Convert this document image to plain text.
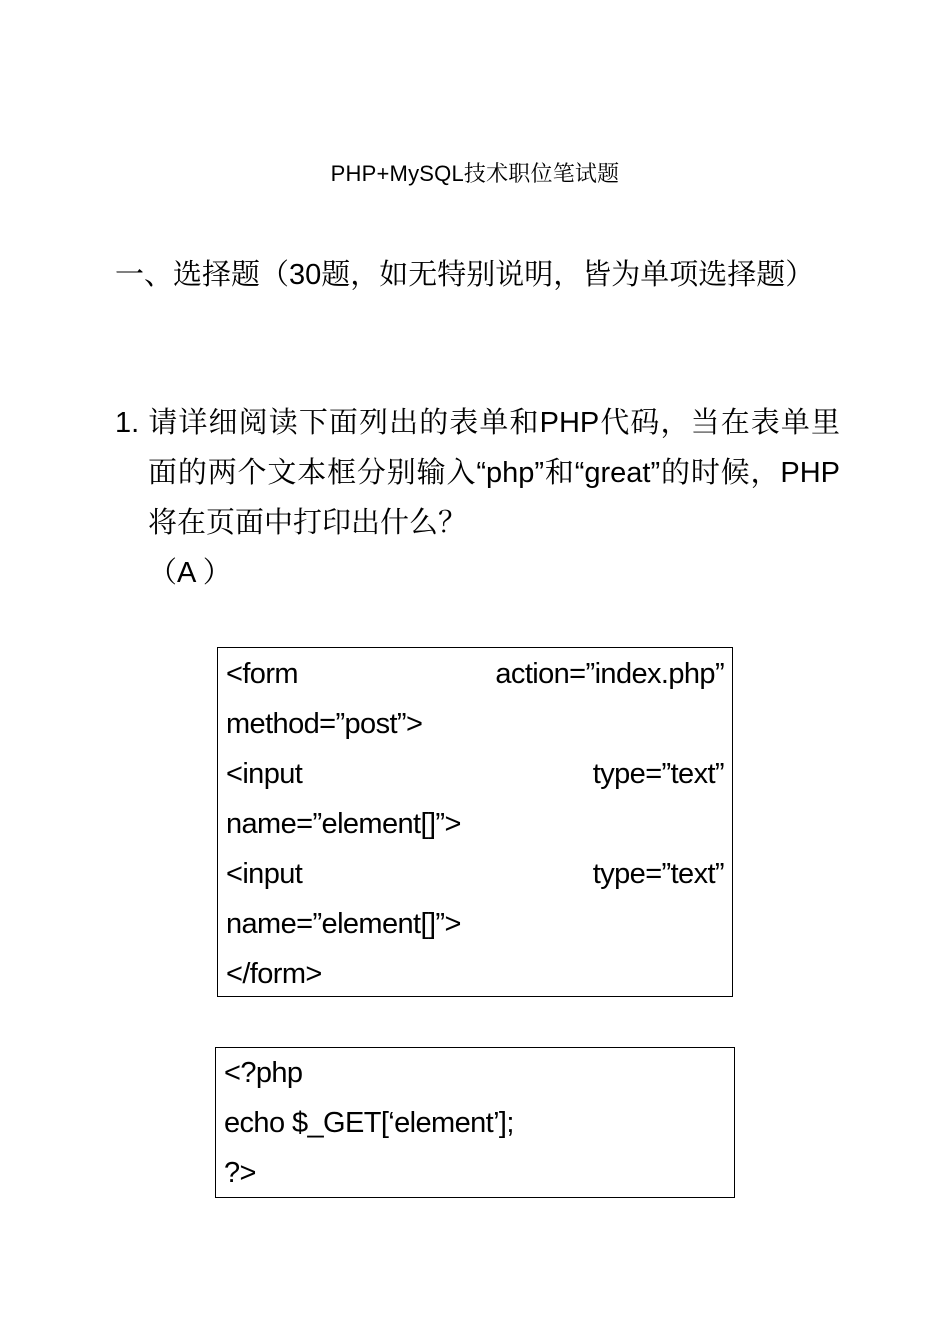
PHP+MySQL技术职位笔试题
一、选择题（30题，如无特别说明，皆为单项选择题）
1. 请详细阅读下面列出的表单和PHP代码，当在表单里面的两个文本框分别输入“php”和“great”的时候，PHP将在页面中打印出什么？
（A ）
<form	action=”index.php”
method=”post”>
<input	type=”text”
name=”element[]”>
<input	type=”text”
name=”element[]”>
</form>
<?php
echo $_GET[‘element’];
?>
